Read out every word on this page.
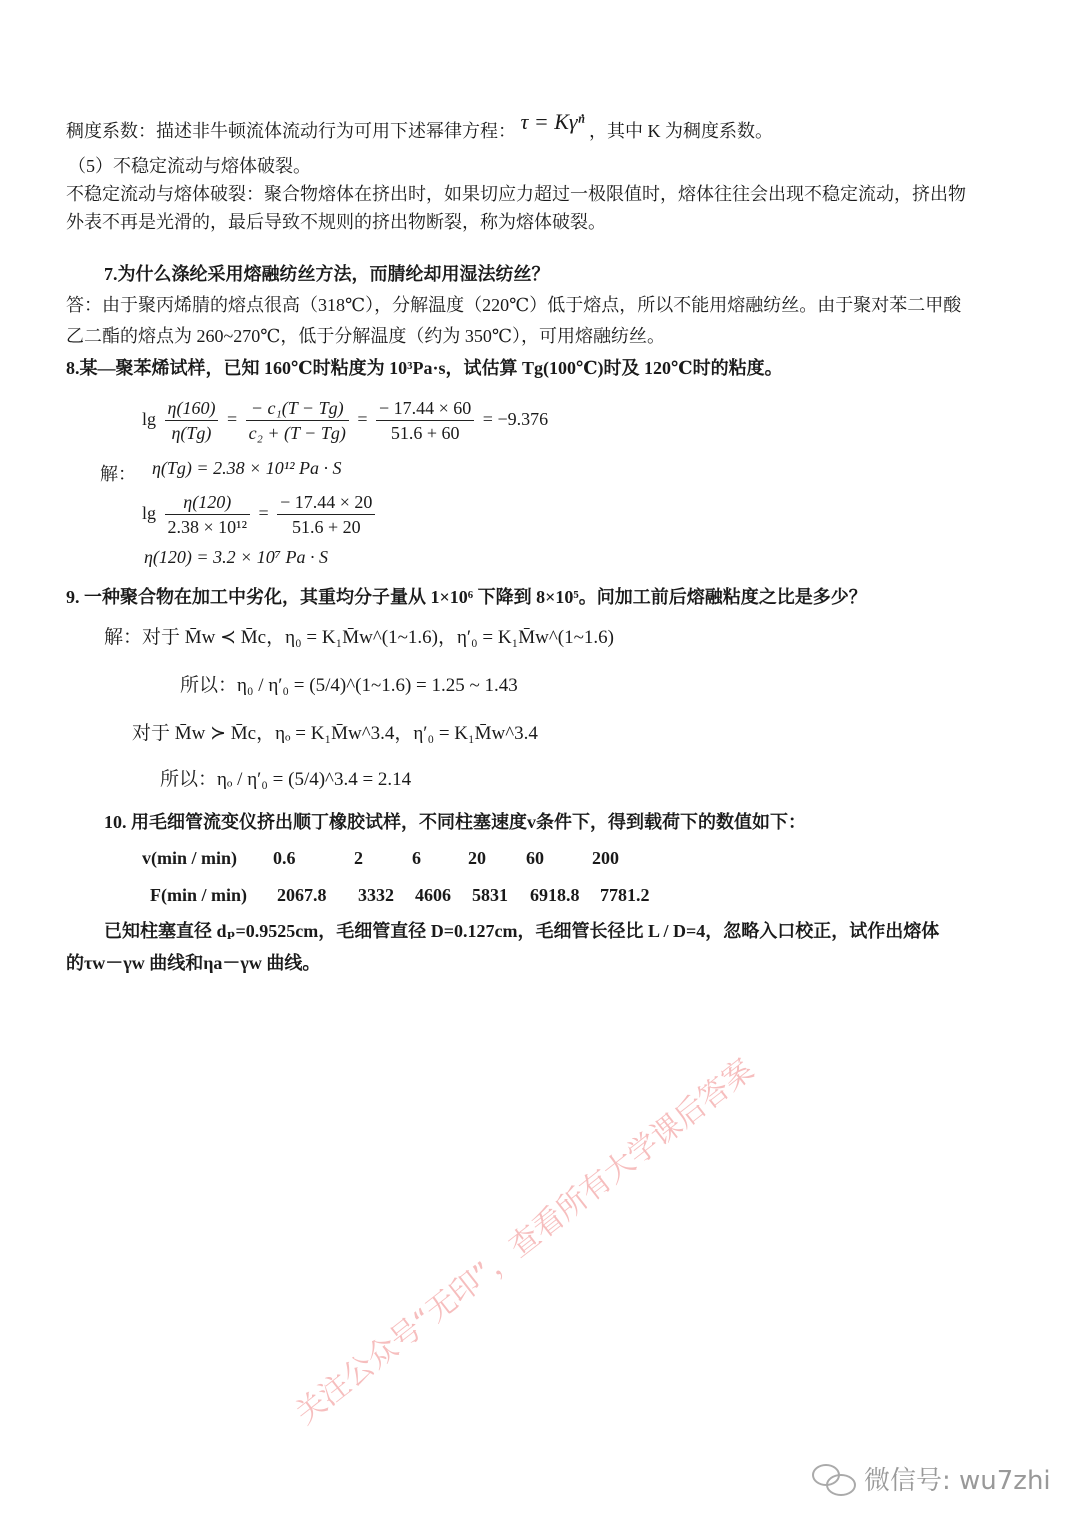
稠度系数：描述非牛顿流体流动行为可用下述幂律方程： τ = Kγ̇ⁿ ，其中 K 为稠度系数。
（5）不稳定流动与熔体破裂。
不稳定流动与熔体破裂：聚合物熔体在挤出时，如果切应力超过一极限值时，熔体往往会出现不稳定流动，挤出物
外表不再是光滑的，最后导致不规则的挤出物断裂，称为熔体破裂。
7.为什么涤纶采用熔融纺丝方法，而腈纶却用湿法纺丝？
答：由于聚丙烯腈的熔点很高（318℃），分解温度（220℃）低于熔点，所以不能用熔融纺丝。由于聚对苯二甲酸
乙二酯的熔点为 260~270℃，低于分解温度（约为 350℃），可用熔融纺丝。
8.某—聚苯烯试样，已知 160℃时粘度为 10³Pa·s，试估算 Tg(100℃)时及 120℃时的粘度。
$\lg \frac{\eta(160)}{\eta(Tg)} = \frac{\text{− c₁(T − Tg)}}{\text{c₂ + (T − Tg)}} = \frac{- 17.44 \times 60}{51.6 + 60} = -9.376$
解： η(Tg) = 2.38 × 10¹² Pa · S
$\lg \frac{\eta(120)}{\text{2.38 × 10¹²}} = \frac{- 17.44 \times 20}{51.6 + 20}$
η(120) = 3.2 × 10⁷ Pa · S
9. 一种聚合物在加工中劣化，其重均分子量从 1×10⁶ 下降到 8×10⁵。问加工前后熔融粘度之比是多少？
解：对于 M̄w ≺ M̄c，η₀ = K₁M̄w^(1~1.6)，η′₀ = K₁M̄w^(1~1.6)
所以：η₀ / η′₀ = (5/4)^(1~1.6) = 1.25 ~ 1.43
对于 M̄w ≻ M̄c，ηₒ = K₁M̄w^3.4，η′₀ = K₁M̄w^3.4
所以：ηₒ / η′₀ = (5/4)^3.4 = 2.14
10. 用毛细管流变仪挤出顺丁橡胶试样，不同柱塞速度v条件下，得到载荷下的数值如下：
v(min / min) 0.6	2	6	20 60	200
F(min / min) 2067.8 3332 4606 5831 6918.8 7781.2
已知柱塞直径 dₚ=0.9525cm，毛细管直径 D=0.127cm，毛细管长径比 L / D=4，忽略入口校正，试作出熔体
的τw－γw 曲线和ηa－γw 曲线。
关注公众号“无印”，查看所有大学课后答案
微信号: wu7zhi
